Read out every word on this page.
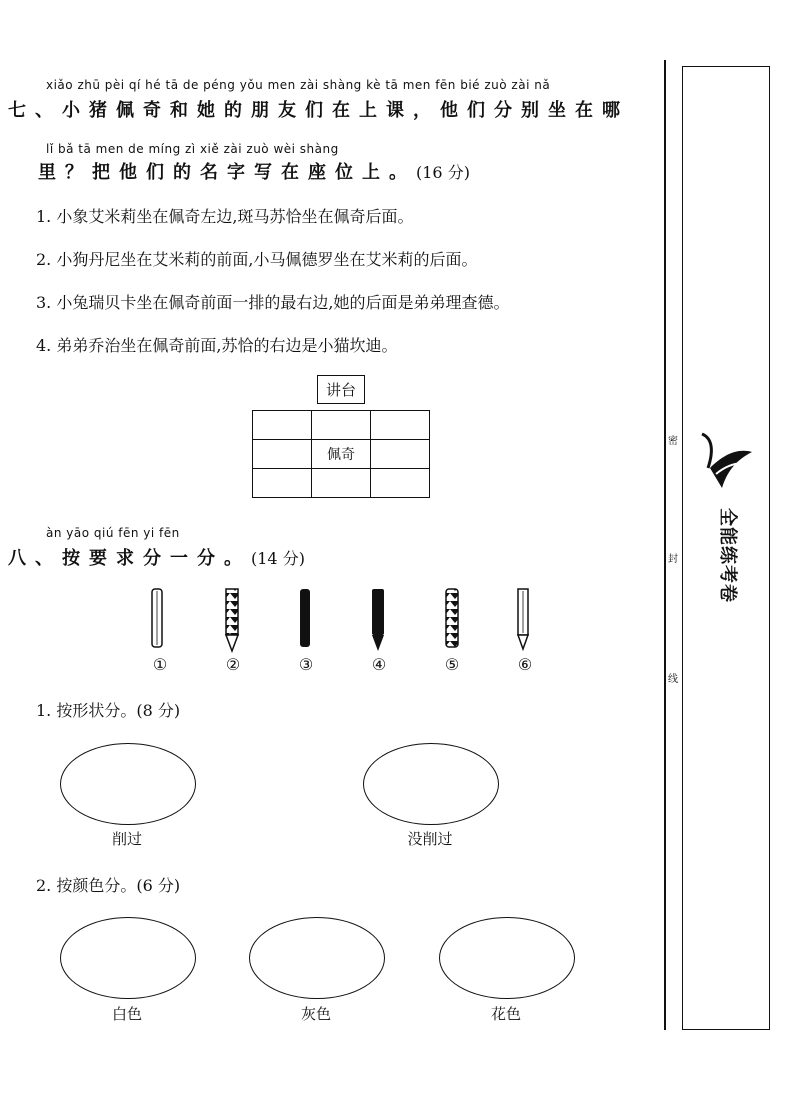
xiǎo zhū pèi qí hé tā de péng yǒu men zài shàng kè tā men fēn bié zuò zài nǎ
七、小猪佩奇和她的朋友们在上课，他们分别坐在哪
lǐ bǎ tā men de míng zì xiě zài zuò wèi shàng
里？把他们的名字写在座位上。(16 分)
1. 小象艾米莉坐在佩奇左边,斑马苏恰坐在佩奇后面。
2. 小狗丹尼坐在艾米莉的前面,小马佩德罗坐在艾米莉的后面。
3. 小兔瑞贝卡坐在佩奇前面一排的最右边,她的后面是弟弟理查德。
4. 弟弟乔治坐在佩奇前面,苏恰的右边是小猫坎迪。
讲台

	佩奇	

àn yāo qiú fēn yi fēn
八、按要求分一分。(14 分)
①	②	③	④	⑤	⑥
1. 按形状分。(8 分)
削过	没削过
2. 按颜色分。(6 分)
白色	灰色	花色
密
封
线
全能练考卷
